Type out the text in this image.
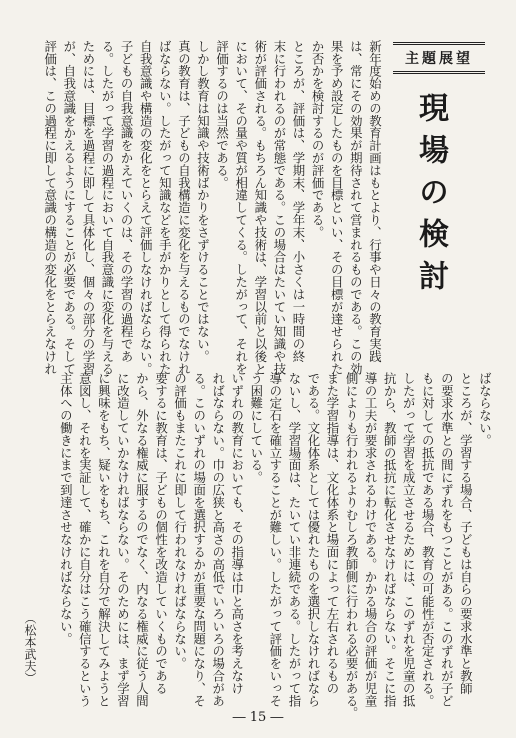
主題展望
現場の検討
新年度始めの教育計画はもとより、行事や日々の教育実践
は、常にその効果が期待されて営まれるものである。この効
果を予め設定したものを目標といい、その目標が達せられた
か否かを検討するのが評価である。
ところが、評価は、学期末、学年末、小さくは一時間の終
末に行われるのが常態である。この場合はたいてい知識や技
術が評価される。もちろん知識や技術は、学習以前と以後と
において、その量や質が相違してくる。したがって、それを
評価するのは当然である。
しかし教育は知識や技術ばかりをさずけることではない。
真の教育は、子どもの自我構造に変化を与えるものでなけれ
ばならない。したがって知識などを手がかりとして得られた
自我意識や構造の変化をとらえて評価しなければならない。
子どもの自我意識をかえていくのは、その学習の過程であ
る。したがって学習の過程において自我意識に変化を与える
ためには、目標を過程に即して具体化し、個々の部分の学習
が、自我意識をかえるようにすることが必要である。そして
評価は、この過程に即して意識の構造の変化をとらえなけれ
ばならない。
ところが、学習する場合、子どもは自らの要求水準と教師
の要求水準との間にずれをもつことがある。このずれが子ど
もに対しての抵抗である場合、教育の可能性が否定される。
したがって学習を成立させるためには、このずれを児童の抵
抗から、教師の抵抗に転化させなければならない。そこに指
導の工夫が要求されるわけである。かかる場合の評価が児童
側によりも行われるよりむしろ教師側に行われる必要がある。
また学習指導は、文化体系と場面によって左右されるもの
である。文化体系としては優れたものを選択しなければなら
ないし、学習場面は、たいてい非連続である。したがって指
導の定石を確立することが難しい。したがって評価をいっそ
う困難にしている。
いずれの教育においても、その指導は巾と高さを考えなけ
ればならない。巾の広狭と高さの高低でいろいろの場合があ
る。このいずれの場面を選択するかが重要な問題になり、そ
の評価もまたこれに即して行われなければならない。
要するに教育は、子どもの個性を改造していくものである
から、外なる権威に服するのでなく、内なる権威に従う人間
に改造していかなければならない。そのためには、まず学習
に興味をもち、疑いをもち、これを自分で解決してみようと
意図し、それを実証して、確かに自分はこう確信するという
主体への働きにまで到達させなければならない。
（松本武夫）
― 15 ―
